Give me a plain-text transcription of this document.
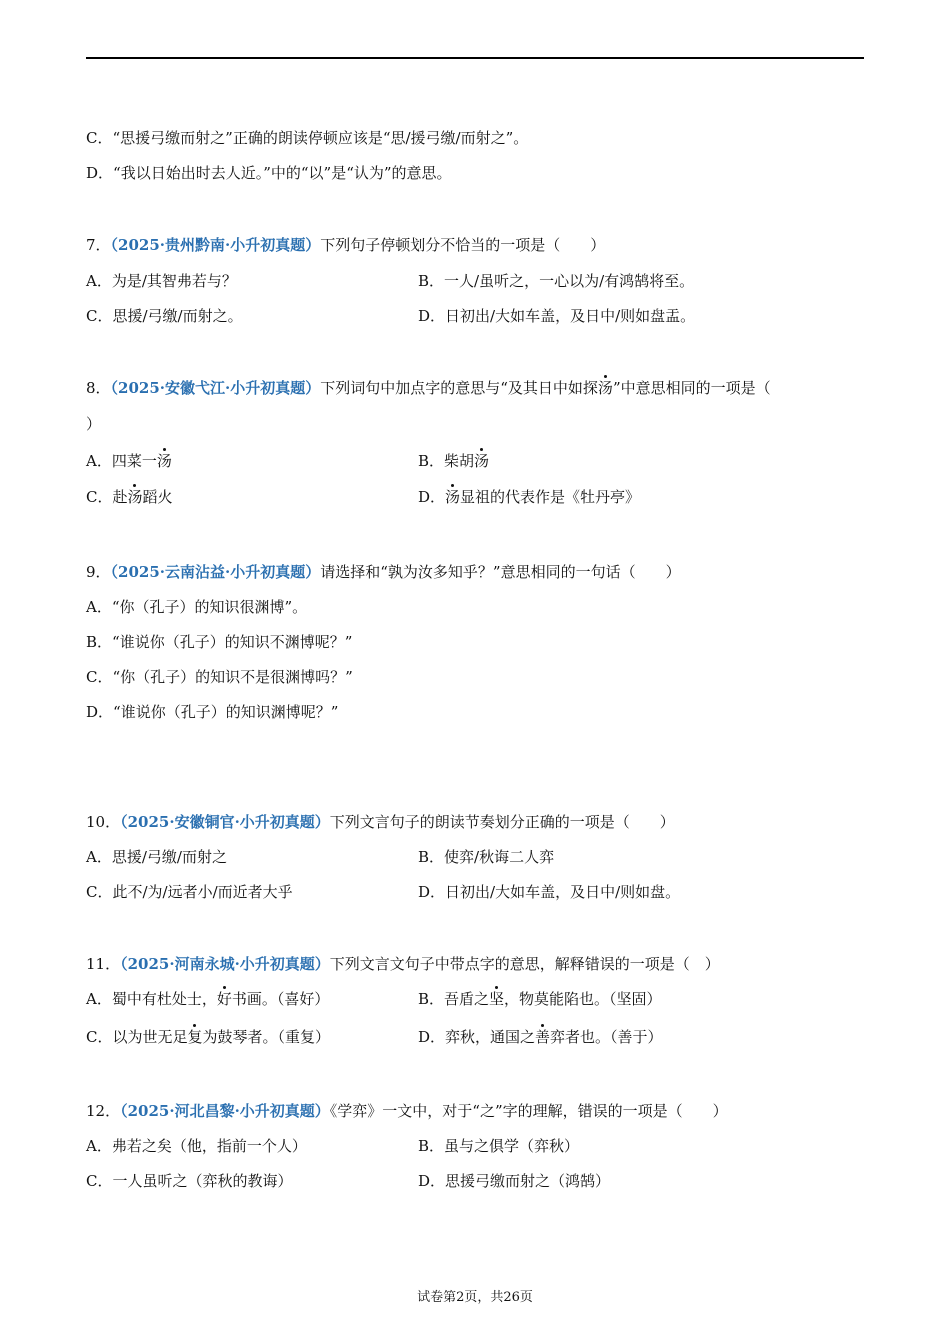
C．“思援弓缴而射之”正确的朗读停顿应该是“思/援弓缴/而射之”。
D．“我以日始出时去人近。”中的“以”是“认为”的意思。
7．（2025·贵州黔南·小升初真题）下列句子停顿划分不恰当的一项是（　　）
A．为是/其智弗若与？	B．一人/虽听之，一心以为/有鸿鹄将至。
C．思援/弓缴/而射之。	D．日初出/大如车盖，及日中/则如盘盂。
8．（2025·安徽弋江·小升初真题）下列词句中加点字的意思与“及其日中如探汤”中意思相同的一项是（
）
A．四菜一汤	B．柴胡汤
C．赴汤蹈火	D．汤显祖的代表作是《牡丹亭》
9．（2025·云南沾益·小升初真题）请选择和“孰为汝多知乎？”意思相同的一句话（　　）
A．“你（孔子）的知识很渊博”。
B．“谁说你（孔子）的知识不渊博呢？”
C．“你（孔子）的知识不是很渊博吗？”
D．“谁说你（孔子）的知识渊博呢？”
10．（2025·安徽铜官·小升初真题）下列文言句子的朗读节奏划分正确的一项是（　　）
A．思援/弓缴/而射之	B．使弈/秋诲二人弈
C．此不/为/远者小/而近者大乎	D．日初出/大如车盖，及日中/则如盘。
11．（2025·河南永城·小升初真题）下列文言文句子中带点字的意思，解释错误的一项是（　）
A．蜀中有杜处士，好书画。（喜好）	B．吾盾之坚，物莫能陷也。（坚固）
C．以为世无足复为鼓琴者。（重复）	D．弈秋，通国之善弈者也。（善于）
12．（2025·河北昌黎·小升初真题）《学弈》一文中，对于“之”字的理解，错误的一项是（　　）
A．弗若之矣（他，指前一个人）	B．虽与之俱学（弈秋）
C．一人虽听之（弈秋的教诲）	D．思援弓缴而射之（鸿鹄）
试卷第2页，共26页
